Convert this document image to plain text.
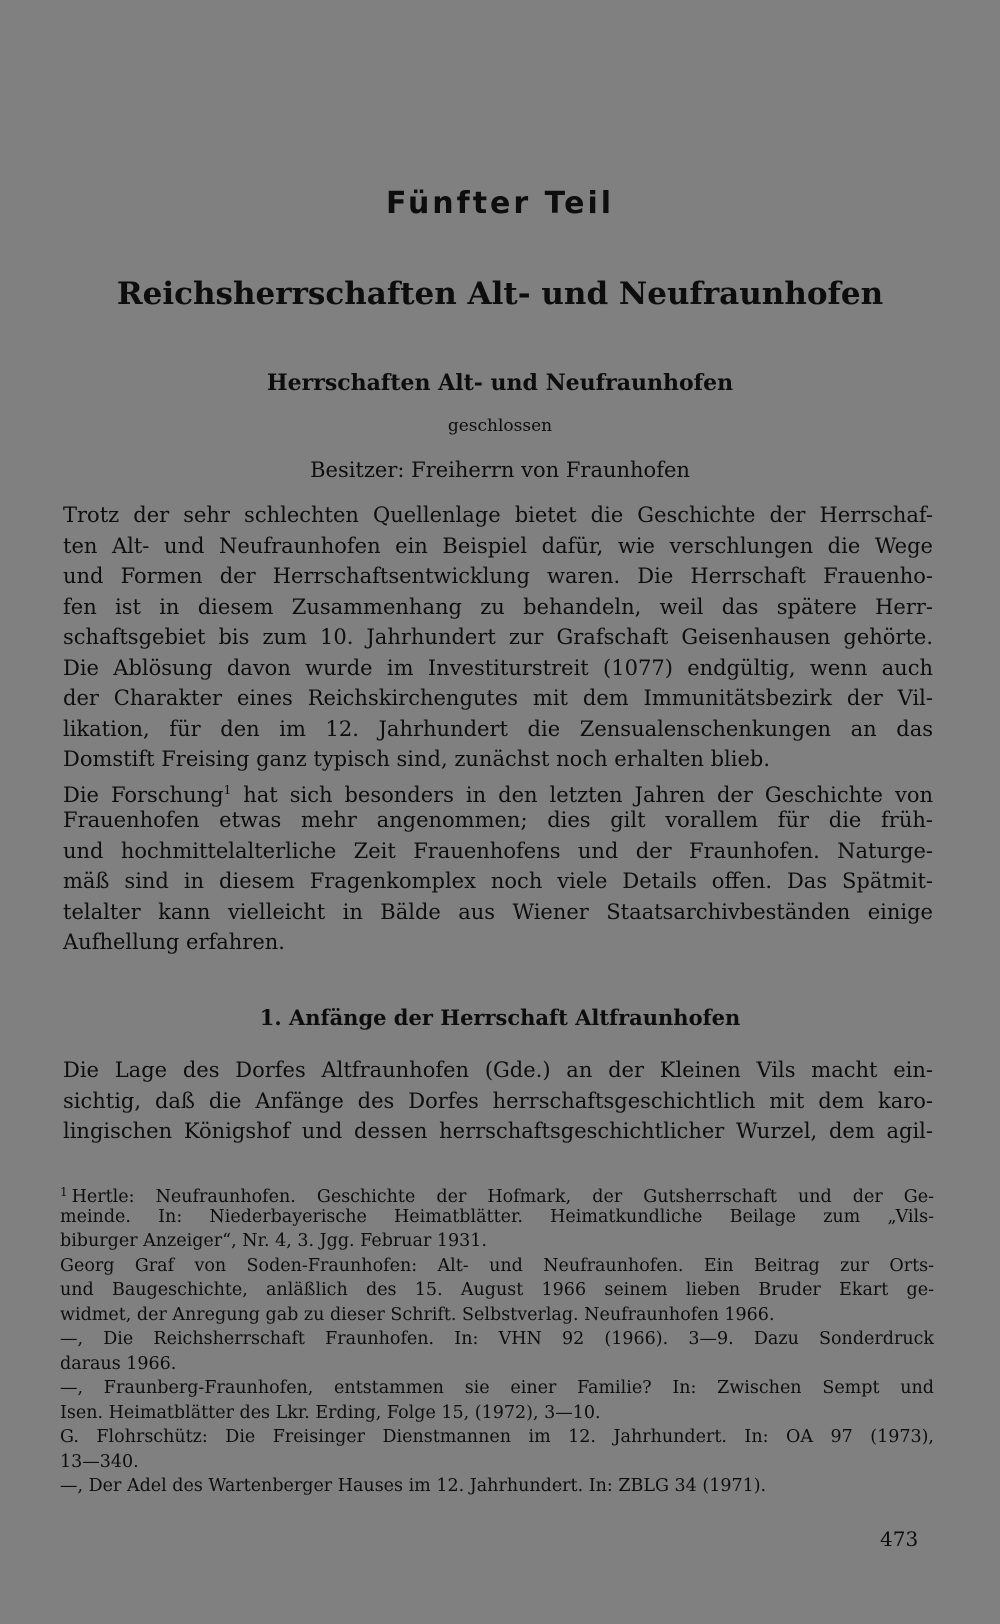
Fünfter Teil
Reichsherrschaften Alt- und Neufraunhofen
Herrschaften Alt- und Neufraunhofen

geschlossen

Besitzer: Freiherrn von Fraunhofen

Trotz der sehr schlechten Quellenlage bietet die Geschichte der Herrschaf-
ten Alt- und Neufraunhofen ein Beispiel dafür, wie verschlungen die Wege
und Formen der Herrschaftsentwicklung waren. Die Herrschaft Frauenho-
fen ist in diesem Zusammenhang zu behandeln, weil das spätere Herr-
schaftsgebiet bis zum 10. Jahrhundert zur Grafschaft Geisenhausen gehörte.
Die Ablösung davon wurde im Investiturstreit (1077) endgültig, wenn auch
der Charakter eines Reichskirchengutes mit dem Immunitätsbezirk der Vil-
likation, für den im 12. Jahrhundert die Zensualenschenkungen an das
Domstift Freising ganz typisch sind, zunächst noch erhalten blieb.
Die Forschung$^1$ hat sich besonders in den letzten Jahren der Geschichte von
Frauenhofen etwas mehr angenommen; dies gilt vorallem für die früh-
und hochmittelalterliche Zeit Frauenhofens und der Fraunhofen. Naturge-
mäß sind in diesem Fragenkomplex noch viele Details offen. Das Spätmit-
telalter kann vielleicht in Bälde aus Wiener Staatsarchivbeständen einige
Aufhellung erfahren.
1. Anfänge der Herrschaft Altfraunhofen
Die Lage des Dorfes Altfraunhofen (Gde.) an der Kleinen Vils macht ein-
sichtig, daß die Anfänge des Dorfes herrschaftsgeschichtlich mit dem karo-
lingischen Königshof und dessen herrschaftsgeschichtlicher Wurzel, dem agil-
$^1$ Hertle: Neufraunhofen. Geschichte der Hofmark, der Gutsherrschaft und der Ge-
meinde. In: Niederbayerische Heimatblätter. Heimatkundliche Beilage zum „Vils-
biburger Anzeiger“, Nr. 4, 3. Jgg. Februar 1931.
Georg Graf von Soden-Fraunhofen: Alt- und Neufraunhofen. Ein Beitrag zur Orts-
und Baugeschichte, anläßlich des 15. August 1966 seinem lieben Bruder Ekart ge-
widmet, der Anregung gab zu dieser Schrift. Selbstverlag. Neufraunhofen 1966.
—, Die Reichsherrschaft Fraunhofen. In: VHN 92 (1966). 3—9. Dazu Sonderdruck
daraus 1966.
—, Fraunberg-Fraunhofen, entstammen sie einer Familie? In: Zwischen Sempt und
Isen. Heimatblätter des Lkr. Erding, Folge 15, (1972), 3—10.
G. Flohrschütz: Die Freisinger Dienstmannen im 12. Jahrhundert. In: OA 97 (1973),
13—340.
—, Der Adel des Wartenberger Hauses im 12. Jahrhundert. In: ZBLG 34 (1971).

473
